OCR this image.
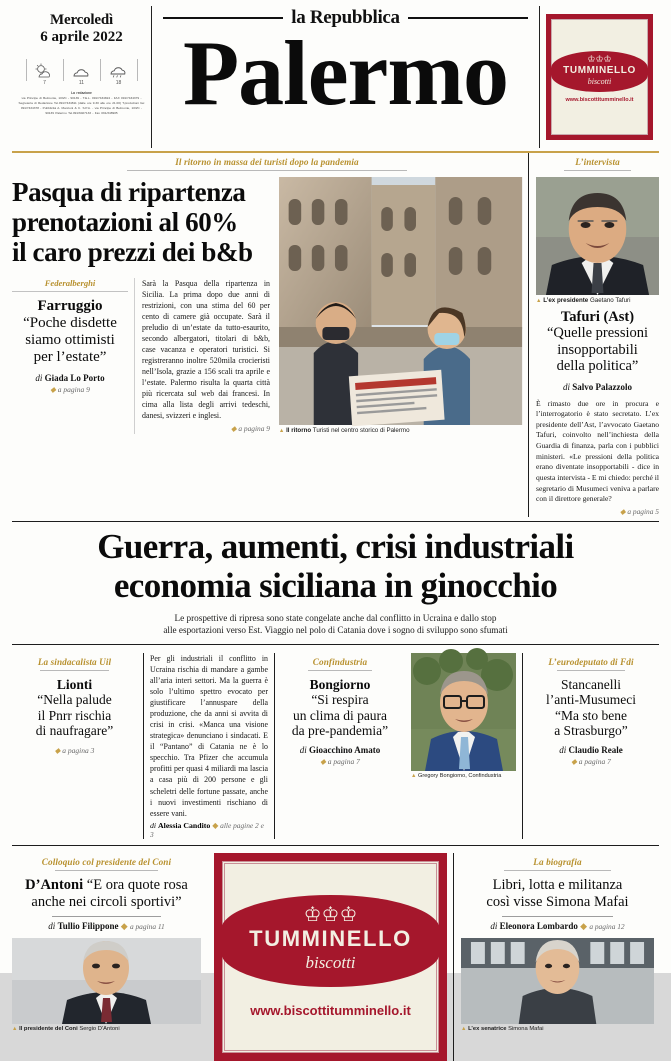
Mercoledì
6 aprile 2022
7	11	18
La redazione
via Principe di Belmonte, 103/C - 90139 - T.E.L. 091/7434824 - FAX 091/7434379 - Segreteria di Redazione Tel.091/7434811 (dalle ore 9.30 alle ore 21.00) T.produzioni fax 091/7434378 - Pubblicità A. Manzoni & C. S.P.A. - via Principe di Belmonte, 103/C - 90139 Palermo Tel.091/6027133 - Fax 091/348905
la Repubblica
Palermo	♔♔♔
TUMMINELLO
biscotti
www.biscottitumminello.it
Il ritorno in massa dei turisti dopo la pandemia
Pasqua di ripartenza
prenotazioni al 60%
il caro prezzi dei b&b
Federalberghi
Farruggio
“Poche disdette
siamo ottimisti
per l’estate”
di Giada Lo Porto
◆ a pagina 9
Sarà la Pasqua della ripartenza in Sicilia. La prima dopo due anni di restrizioni, con una stima del 60 per cento di camere già occupate. Sarà il preludio di un’estate da tutto-esaurito, secondo albergatori, titolari di b&b, case vacanza e operatori turistici. Si registreranno inoltre 520mila crocieristi nell’Isola, grazie a 156 scali tra aprile e l’estate. Palermo risulta la quarta città più ricercata sul web dai francesi. In cima alla lista degli arrivi tedeschi, danesi, svizzeri e inglesi.
◆ a pagina 9 ▲ Il ritorno Turisti nel centro storico di Palermo
L’intervista
▲ L’ex presidente Gaetano Tafuri
Tafuri (Ast)
“Quelle pressioni
insopportabili
della politica”
di Salvo Palazzolo
È rimasto due ore in procura e l’interrogatorio è stato secretato. L’ex presidente dell’Ast, l’avvocato Gaetano Tafuri, coinvolto nell’inchiesta della Guardia di finanza, parla con i pubblici ministeri. «Le pressioni della politica erano diventate insopportabili - dice in questa intervista - E mi chiedo: perché il segretario di Musumeci veniva a parlare con il direttore generale?
◆ a pagina 5
Guerra, aumenti, crisi industriali
economia siciliana in ginocchio
Le prospettive di ripresa sono state congelate anche dal conflitto in Ucraina e dallo stop
alle esportazioni verso Est. Viaggio nel polo di Catania dove i sogno di sviluppo sono sfumati
La sindacalista Uil
Lionti
“Nella palude
il Pnrr rischia
di naufragare”
◆ a pagina 3
Per gli industriali il conflitto in Ucraina rischia di mandare a gambe all’aria interi settori. Ma la guerra è solo l’ultimo spettro evocato per giustificare l’annuspare della produzione, che da anni si avvita di crisi in crisi. «Manca una visione strategica» denunciano i sindacati. E il “Pantano” di Catania ne è lo specchio. Tra Pfizer che accumula profitti per quasi 4 miliardi ma lascia a casa più di 200 persone e gli scheletri delle fortune passate, anche i nuovi investimenti rischiano di essere vani.
di Alessia Candito ◆ alle pagine 2 e 3
Confindustria
Bongiorno
“Si respira
un clima di paura
da pre-pandemia”
di Gioacchino Amato
◆ a pagina 7
▲ Gregory Bongiorno, Confindustria
L’eurodeputato di Fdi
Stancanelli
l’anti-Musumeci
“Ma sto bene
a Strasburgo”
di Claudio Reale
◆ a pagina 7
Colloquio col presidente del Coni
D’Antoni “E ora quote rosa
anche nei circoli sportivi”
di Tullio Filippone ◆ a pagina 11
▲ Il presidente del Coni Sergio D’Antoni
♔♔♔
TUMMINELLO
biscotti
www.biscottitumminello.it
La biografia
Libri, lotta e militanza
così visse Simona Mafai
di Eleonora Lombardo ◆ a pagina 12
▲ L’ex senatrice Simona Mafai
